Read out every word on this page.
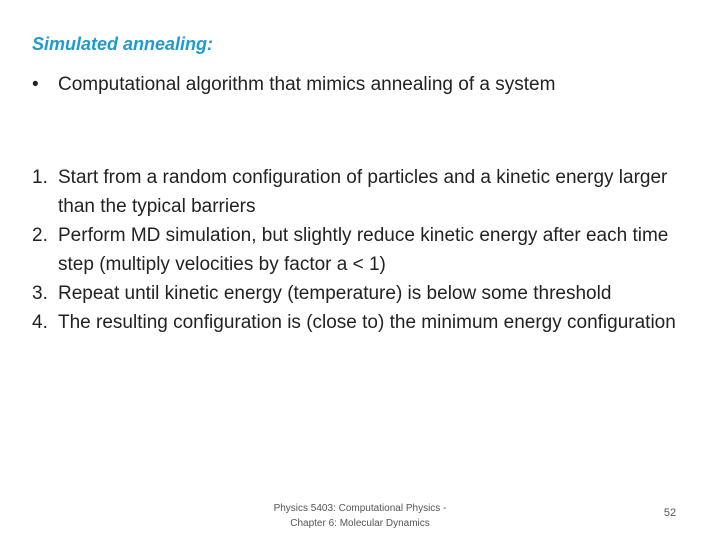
Simulated annealing:
•	Computational algorithm that mimics annealing of a system
1. Start from a random configuration of particles and a kinetic energy larger than the typical barriers
2. Perform MD simulation, but slightly reduce kinetic energy after each time step (multiply velocities by factor a < 1)
3. Repeat until kinetic energy (temperature) is below some threshold
4. The resulting configuration is (close to) the minimum energy configuration
Physics 5403: Computational Physics -
Chapter 6: Molecular Dynamics
52
